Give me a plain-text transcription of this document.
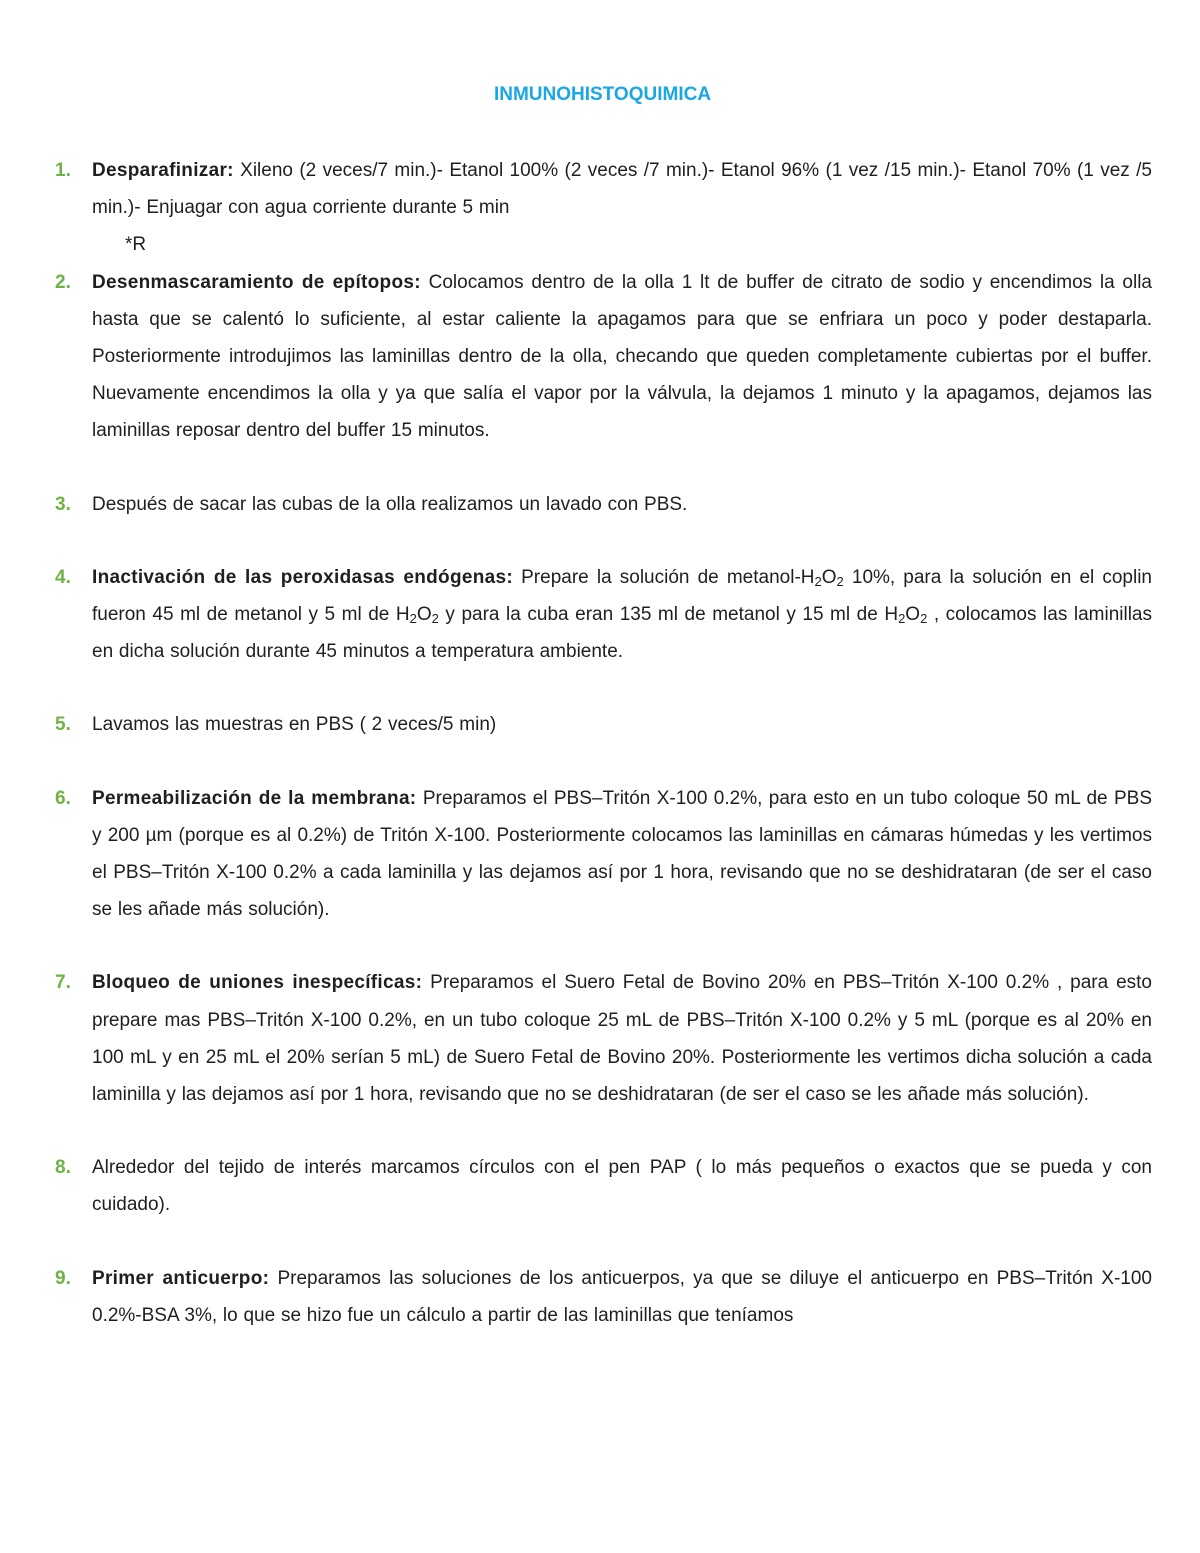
INMUNOHISTOQUIMICA
1. Desparafinizar: Xileno (2 veces/7 min.)- Etanol 100% (2 veces /7 min.)- Etanol 96% (1 vez /15 min.)- Etanol 70% (1 vez /5 min.)- Enjuagar con agua corriente durante 5 min
*R
2. Desenmascaramiento de epítopos: Colocamos dentro de la olla 1 lt de buffer de citrato de sodio y encendimos la olla hasta que se calentó lo suficiente, al estar caliente la apagamos para que se enfriara un poco y poder destaparla. Posteriormente introdujimos las laminillas dentro de la olla, checando que queden completamente cubiertas por el buffer. Nuevamente encendimos la olla y ya que salía el vapor por la válvula, la dejamos 1 minuto y la apagamos, dejamos las laminillas reposar dentro del buffer 15 minutos.
3. Después de sacar las cubas de la olla realizamos un lavado con PBS.
4. Inactivación de las peroxidasas endógenas: Prepare la solución de metanol-$H_2O_2$ 10%, para la solución en el coplin fueron 45 ml de metanol y 5 ml de $H_2O_2$ y para la cuba eran 135 ml de metanol y 15 ml de $H_2O_2$ , colocamos las laminillas en dicha solución durante 45 minutos a temperatura ambiente.
5. Lavamos las muestras en PBS ( 2 veces/5 min)
6. Permeabilización de la membrana: Preparamos el PBS–Tritón X-100 0.2%, para esto en un tubo coloque 50 mL de PBS y 200 µm (porque es al 0.2%) de Tritón X-100. Posteriormente colocamos las laminillas en cámaras húmedas y les vertimos el PBS–Tritón X-100 0.2% a cada laminilla y las dejamos así por 1 hora, revisando que no se deshidrataran (de ser el caso se les añade más solución).
7. Bloqueo de uniones inespecíficas: Preparamos el Suero Fetal de Bovino 20% en PBS–Tritón X-100 0.2% , para esto prepare mas PBS–Tritón X-100 0.2%, en un tubo coloque 25 mL de PBS–Tritón X-100 0.2% y 5 mL (porque es al 20% en 100 mL y en 25 mL el 20% serían 5 mL) de Suero Fetal de Bovino 20%. Posteriormente les vertimos dicha solución a cada laminilla y las dejamos así por 1 hora, revisando que no se deshidrataran (de ser el caso se les añade más solución).
8. Alrededor del tejido de interés marcamos círculos con el pen PAP ( lo más pequeños o exactos que se pueda y con cuidado).
9. Primer anticuerpo: Preparamos las soluciones de los anticuerpos, ya que se diluye el anticuerpo en PBS–Tritón X-100 0.2%-BSA 3%, lo que se hizo fue un cálculo a partir de las laminillas que teníamos
